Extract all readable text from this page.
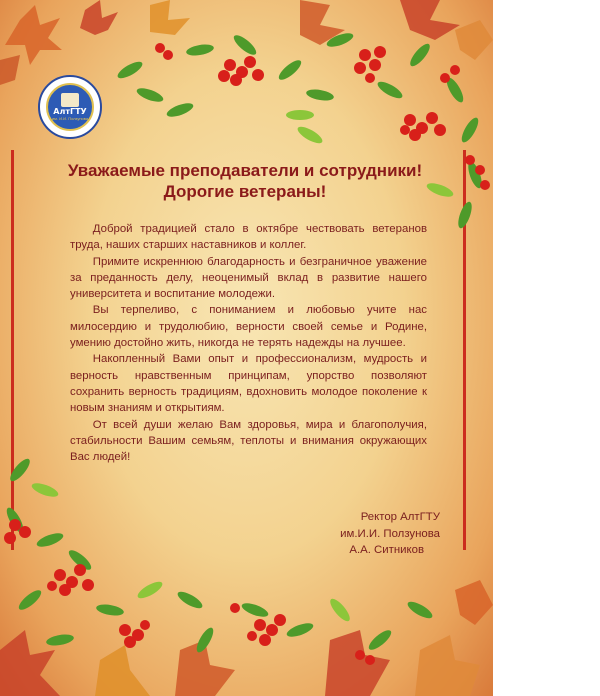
АлтГТУ
им. И.И. Ползунова
Уважаемые преподаватели и сотрудники!
Дорогие ветераны!

Доброй традицией стало в октябре чествовать ветеранов труда, наших старших наставников и коллег.

Примите искреннюю благодарность и безграничное уважение за преданность делу, неоценимый вклад в развитие нашего университета и воспитание молодежи.

Вы терпеливо, с пониманием и любовью учите нас милосердию и трудолюбию, верности своей семье и Родине, умению достойно жить, никогда не терять надежды на лучшее.

Накопленный Вами опыт и профессионализм, мудрость и верность нравственным принципам, упорство позволяют сохранить верность традициям, вдохновить молодое поколение к новым знаниям и открытиям.

От всей души желаю Вам здоровья, мира и благополучия, стабильности Вашим семьям, теплоты и внимания окружающих Вас людей!

Ректор АлтГТУ
им.И.И. Ползунова
А.А. Ситников
